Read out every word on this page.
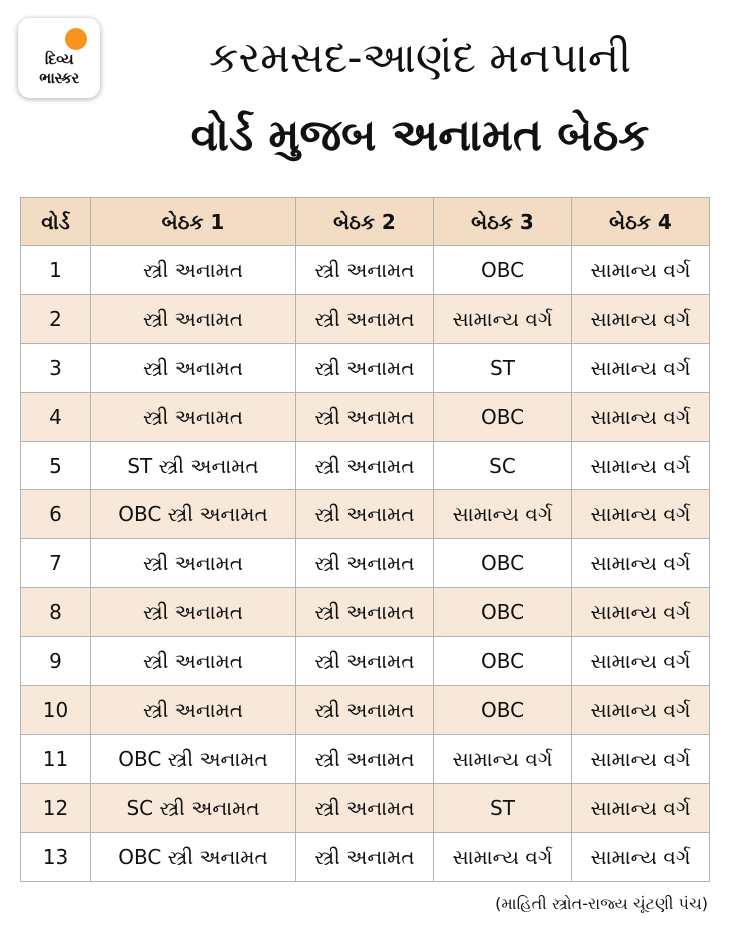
દિવ્ય
ભાસ્કર	કરમસદ-આણંદ મનપાની
વોર્ડ મુજબ અનામત બેઠક
વોર્ડ	બેઠક 1	બેઠક 2	બેઠક 3	બેઠક 4
1	સ્ત્રી અનામત	સ્ત્રી અનામત	OBC	સામાન્ય વર્ગ
2	સ્ત્રી અનામત	સ્ત્રી અનામત	સામાન્ય વર્ગ	સામાન્ય વર્ગ
3	સ્ત્રી અનામત	સ્ત્રી અનામત	ST	સામાન્ય વર્ગ
4	સ્ત્રી અનામત	સ્ત્રી અનામત	OBC	સામાન્ય વર્ગ
5	ST સ્ત્રી અનામત	સ્ત્રી અનામત	SC	સામાન્ય વર્ગ
6	OBC સ્ત્રી અનામત	સ્ત્રી અનામત	સામાન્ય વર્ગ	સામાન્ય વર્ગ
7	સ્ત્રી અનામત	સ્ત્રી અનામત	OBC	સામાન્ય વર્ગ
8	સ્ત્રી અનામત	સ્ત્રી અનામત	OBC	સામાન્ય વર્ગ
9	સ્ત્રી અનામત	સ્ત્રી અનામત	OBC	સામાન્ય વર્ગ
10	સ્ત્રી અનામત	સ્ત્રી અનામત	OBC	સામાન્ય વર્ગ
11	OBC સ્ત્રી અનામત	સ્ત્રી અનામત	સામાન્ય વર્ગ	સામાન્ય વર્ગ
12	SC સ્ત્રી અનામત	સ્ત્રી અનામત	ST	સામાન્ય વર્ગ
13	OBC સ્ત્રી અનામત	સ્ત્રી અનામત	સામાન્ય વર્ગ	સામાન્ય વર્ગ
(માહિતી સ્ત્રોત-રાજ્ય ચૂંટણી પંચ)
